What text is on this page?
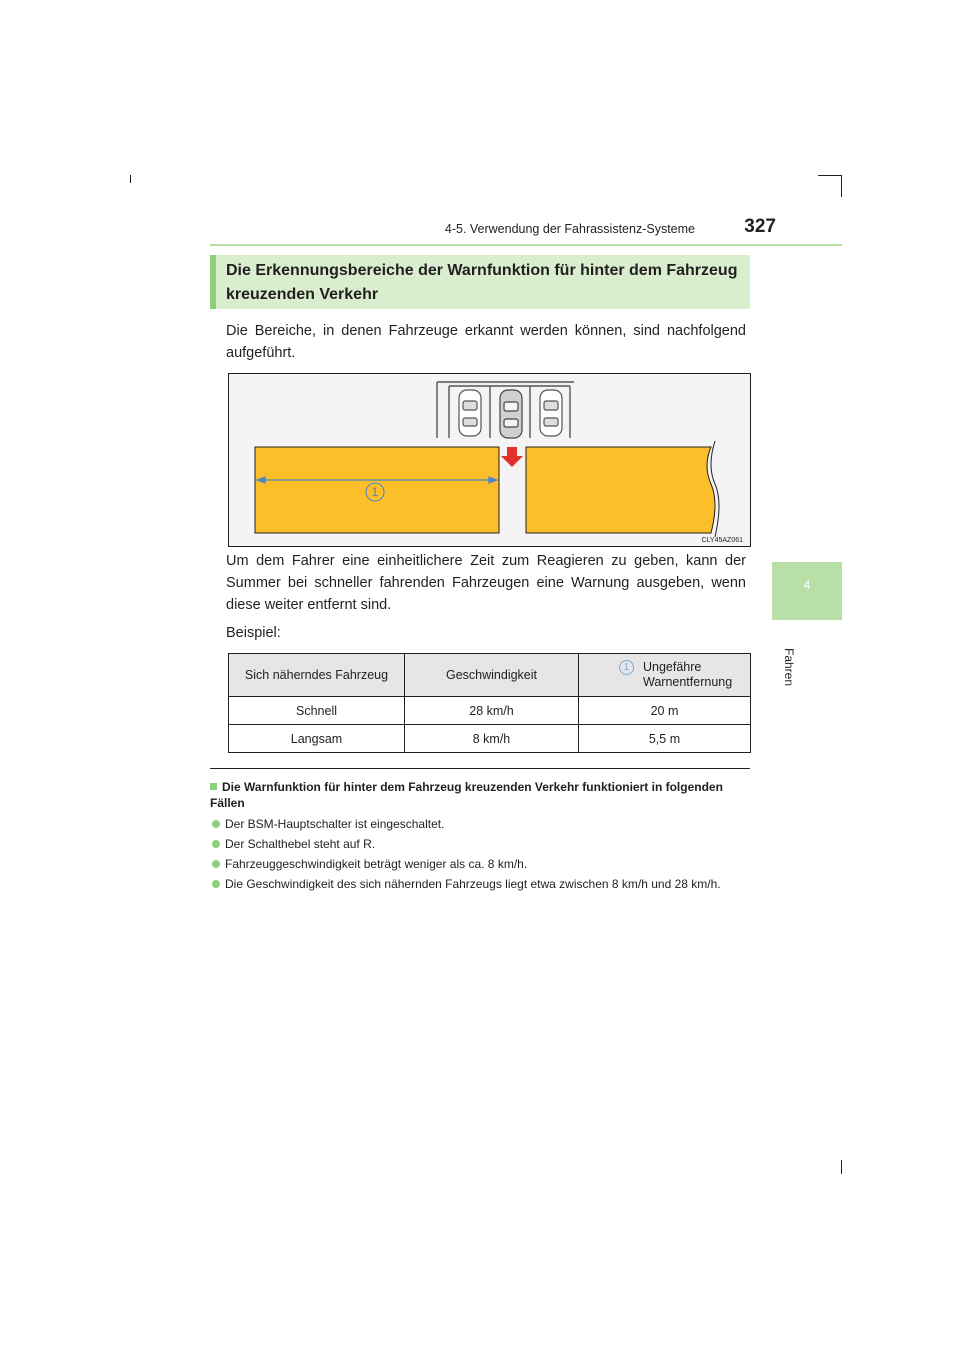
4-5. Verwendung der Fahrassistenz-Systeme	327
4
Fahren
Die Erkennungsbereiche der Warnfunktion für hinter dem Fahrzeug kreuzenden Verkehr
Die Bereiche, in denen Fahrzeuge erkannt werden können, sind nachfolgend aufgeführt.
1
CLY45AZ061
Um dem Fahrer eine einheitlichere Zeit zum Reagieren zu geben, kann der Summer bei schneller fahrenden Fahrzeugen eine Warnung ausgeben, wenn diese weiter entfernt sind.
Beispiel:
Sich näherndes Fahrzeug	Geschwindigkeit	1 Ungefähre Warnentfernung

Schnell	28 km/h	20 m
Langsam	8 km/h	5,5 m
Die Warnfunktion für hinter dem Fahrzeug kreuzenden Verkehr funktioniert in folgenden Fällen
Der BSM-Hauptschalter ist eingeschaltet.
Der Schalthebel steht auf R.
Fahrzeuggeschwindigkeit beträgt weniger als ca. 8 km/h.
Die Geschwindigkeit des sich nähernden Fahrzeugs liegt etwa zwischen 8 km/h und 28 km/h.
